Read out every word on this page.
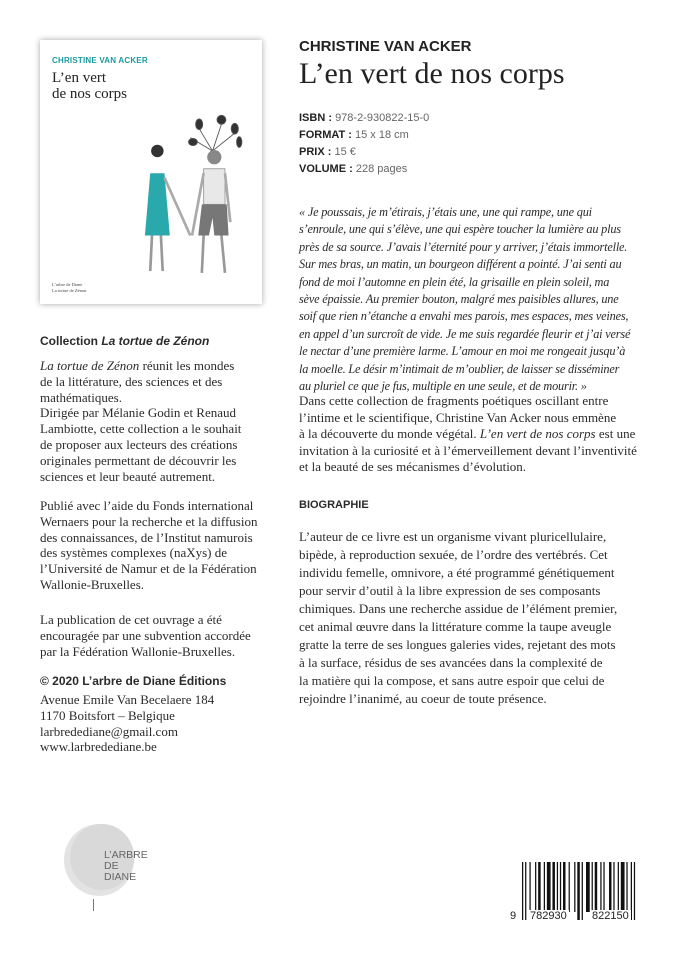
CHRISTINE VAN ACKER
L’en vert
de nos corps
L’arbre de Diane
La tortue de Zénon
CHRISTINE VAN ACKER
L’en vert de nos corps
ISBN : 978-2-930822-15-0
FORMAT : 15 x 18 cm
PRIX : 15 €
VOLUME : 228 pages
« Je poussais, je m’étirais, j’étais une, une qui rampe, une qui
s’enroule, une qui s’élève, une qui espère toucher la lumière au plus
près de sa source. J’avais l’éternité pour y arriver, j’étais immortelle.
Sur mes bras, un matin, un bourgeon différent a pointé. J’ai senti au
fond de moi l’automne en plein été, la grisaille en plein soleil, ma
sève épaissie. Au premier bouton, malgré mes paisibles allures, une
soif que rien n’étanche a envahi mes parois, mes espaces, mes veines,
en appel d’un surcroît de vide. Je me suis regardée fleurir et j’ai versé
le nectar d’une première larme. L’amour en moi me rongeait jusqu’à
la moelle. Le désir m’intimait de m’oublier, de laisser se disséminer
au pluriel ce que je fus, multiple en une seule, et de mourir. »
Dans cette collection de fragments poétiques oscillant entre
l’intime et le scientifique, Christine Van Acker nous emmène
à la découverte du monde végétal. L’en vert de nos corps est une
invitation à la curiosité et à l’émerveillement devant l’inventivité
et la beauté de ses mécanismes d’évolution.
BIOGRAPHIE
L’auteur de ce livre est un organisme vivant pluricellulaire,
bipède, à reproduction sexuée, de l’ordre des vertébrés. Cet
individu femelle, omnivore, a été programmé génétiquement
pour servir d’outil à la libre expression de ses composants
chimiques. Dans une recherche assidue de l’élément premier,
cet animal œuvre dans la littérature comme la taupe aveugle
gratte la terre de ses longues galeries vides, rejetant des mots
à la surface, résidus de ses avancées dans la complexité de
la matière qui la compose, et sans autre espoir que celui de
rejoindre l’inanimé, au coeur de toute présence.
Collection La tortue de Zénon
La tortue de Zénon réunit les mondes
de la littérature, des sciences et des
mathématiques.
Dirigée par Mélanie Godin et Renaud
Lambiotte, cette collection a le souhait
de proposer aux lecteurs des créations
originales permettant de découvrir les
sciences et leur beauté autrement.
Publié avec l’aide du Fonds international
Wernaers pour la recherche et la diffusion
des connaissances, de l’Institut namurois
des systèmes complexes (naXys) de
l’Université de Namur et de la Fédération
Wallonie-Bruxelles.
La publication de cet ouvrage a été
encouragée par une subvention accordée
par la Fédération Wallonie-Bruxelles.
© 2020 L’arbre de Diane Éditions
Avenue Emile Van Becelaere 184
1170 Boitsfort – Belgique
larbredediane@gmail.com
www.larbredediane.be
L’ARBRE
DE
DIANE
9 782930 822150
